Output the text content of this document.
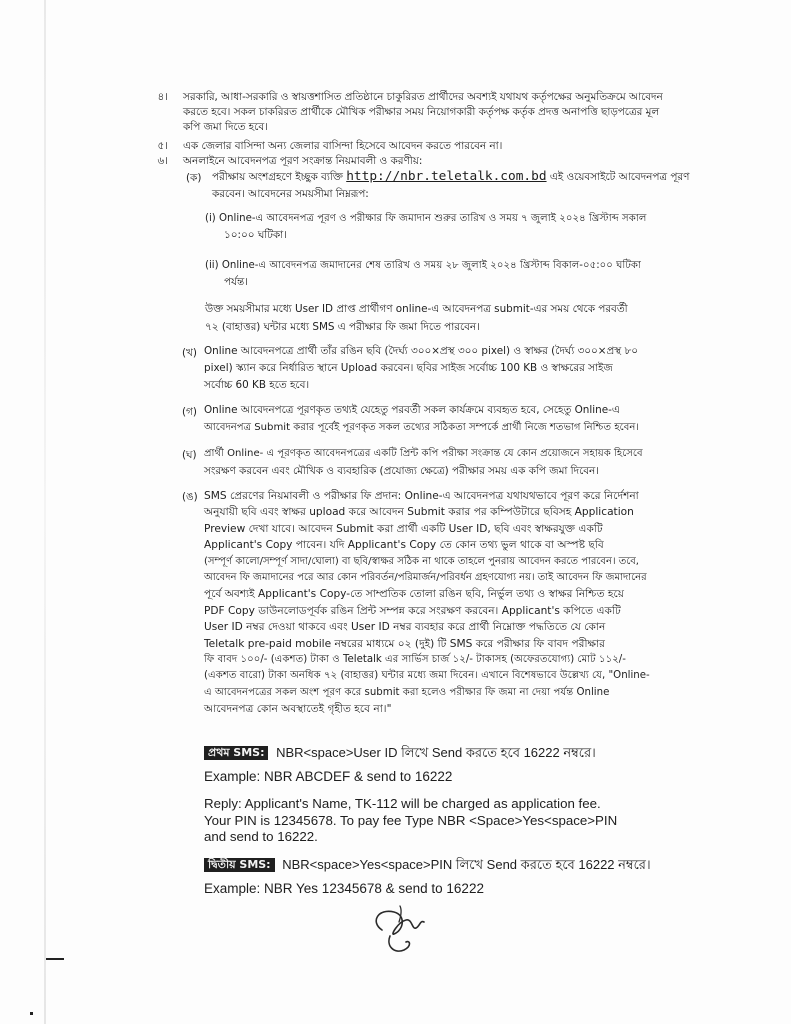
৪। সরকারি, আধা-সরকারি ও স্বায়ত্তশাসিত প্রতিষ্ঠানে চাকুরিরত প্রার্থীদের অবশ্যই যথাযথ কর্তৃপক্ষের অনুমতিক্রমে আবেদন
করতে হবে। সকল চাকরিরত প্রার্থীকে মৌখিক পরীক্ষার সময় নিয়োগকারী কর্তৃপক্ষ কর্তৃক প্রদত্ত অনাপত্তি ছাড়পত্রের মূল
কপি জমা দিতে হবে।
৫। এক জেলার বাসিন্দা অন্য জেলার বাসিন্দা হিসেবে আবেদন করতে পারবেন না।
৬। অনলাইনে আবেদনপত্র পূরণ সংক্রান্ত নিয়মাবলী ও করণীয়:
(ক) পরীক্ষায় অংশগ্রহণে ইচ্ছুক ব্যক্তি http://nbr.teletalk.com.bd এই ওয়েবসাইটে আবেদনপত্র পূরণ
করবেন। আবেদনের সময়সীমা নিম্নরূপ:
(i) Online-এ আবেদনপত্র পূরণ ও পরীক্ষার ফি জমাদান শুরুর তারিখ ও সময় ৭ জুলাই ২০২৪ খ্রিস্টাব্দ সকাল
১০:০০ ঘটিকা।
(ii) Online-এ আবেদনপত্র জমাদানের শেষ তারিখ ও সময় ২৮ জুলাই ২০২৪ খ্রিস্টাব্দ বিকাল-০৫:০০ ঘটিকা
পর্যন্ত।
উক্ত সময়সীমার মধ্যে User ID প্রাপ্ত প্রার্থীগণ online-এ আবেদনপত্র submit-এর সময় থেকে পরবর্তী
৭২ (বাহাত্তর) ঘন্টার মধ্যে SMS এ পরীক্ষার ফি জমা দিতে পারবেন।
(খ) Online আবেদনপত্রে প্রার্থী তাঁর রঙিন ছবি (দৈর্ঘ্য ৩০০×প্রস্থ ৩০০ pixel) ও স্বাক্ষর (দৈর্ঘ্য ৩০০×প্রস্থ ৮০
pixel) স্ক্যান করে নির্ধারিত স্থানে Upload করবেন। ছবির সাইজ সর্বোচ্চ 100 KB ও স্বাক্ষরের সাইজ
সর্বোচ্চ 60 KB হতে হবে।
(গ) Online আবেদনপত্রে পূরণকৃত তথ্যই যেহেতু পরবর্তী সকল কার্যক্রমে ব্যবহৃত হবে, সেহেতু Online-এ
আবেদনপত্র Submit করার পূর্বেই পূরণকৃত সকল তথ্যের সঠিকতা সম্পর্কে প্রার্থী নিজে শতভাগ নিশ্চিত হবেন।
(ঘ) প্রার্থী Online- এ পূরণকৃত আবেদনপত্রের একটি প্রিন্ট কপি পরীক্ষা সংক্রান্ত যে কোন প্রয়োজনে সহায়ক হিসেবে
সংরক্ষণ করবেন এবং মৌখিক ও ব্যবহারিক (প্রযোজ্য ক্ষেত্রে) পরীক্ষার সময় এক কপি জমা দিবেন।
(ঙ) SMS প্রেরণের নিয়মাবলী ও পরীক্ষার ফি প্রদান: Online-এ আবেদনপত্র যথাযথভাবে পূরণ করে নির্দেশনা
অনুযায়ী ছবি এবং স্বাক্ষর upload করে আবেদন Submit করার পর কম্পিউটারে ছবিসহ Application
Preview দেখা যাবে। আবেদন Submit করা প্রার্থী একটি User ID, ছবি এবং স্বাক্ষরযুক্ত একটি
Applicant's Copy পাবেন। যদি Applicant's Copy তে কোন তথ্য ভুল থাকে বা অস্পষ্ট ছবি
(সম্পূর্ণ কালো/সম্পূর্ণ সাদা/ঘোলা) বা ছবি/স্বাক্ষর সঠিক না থাকে তাহলে পুনরায় আবেদন করতে পারবেন। তবে,
আবেদন ফি জমাদানের পরে আর কোন পরিবর্তন/পরিমার্জন/পরিবর্ধন গ্রহণযোগ্য নয়। তাই আবেদন ফি জমাদানের
পূর্বে অবশ্যই Applicant's Copy-তে সাম্প্রতিক তোলা রঙিন ছবি, নির্ভুল তথ্য ও স্বাক্ষর নিশ্চিত হয়ে
PDF Copy ডাউনলোডপূর্বক রঙিন প্রিন্ট সম্পন্ন করে সংরক্ষণ করবেন। Applicant's কপিতে একটি
User ID নম্বর দেওয়া থাকবে এবং User ID নম্বর ব্যবহার করে প্রার্থী নিম্নোক্ত পদ্ধতিতে যে কোন
Teletalk pre-paid mobile নম্বরের মাধ্যমে ০২ (দুই) টি SMS করে পরীক্ষার ফি বাবদ পরীক্ষার
ফি বাবদ ১০০/- (একশত) টাকা ও Teletalk এর সার্ভিস চার্জ ১২/- টাকাসহ (অফেরতযোগ্য) মোট ১১২/-
(একশত বারো) টাকা অনধিক ৭২ (বাহাত্তর) ঘন্টার মধ্যে জমা দিবেন। এখানে বিশেষভাবে উল্লেখ্য যে, "Online-
এ আবেদনপত্রের সকল অংশ পূরণ করে submit করা হলেও পরীক্ষার ফি জমা না দেয়া পর্যন্ত Online
আবেদনপত্র কোন অবস্থাতেই গৃহীত হবে না।"
প্রথম SMS: NBR<space>User ID লিখে Send করতে হবে 16222 নম্বরে।
Example: NBR ABCDEF & send to 16222
Reply: Applicant's Name, TK-112 will be charged as application fee.
Your PIN is 12345678. To pay fee Type NBR <Space>Yes<space>PIN
and send to 16222.
দ্বিতীয় SMS: NBR<space>Yes<space>PIN লিখে Send করতে হবে 16222 নম্বরে।
Example: NBR Yes 12345678 & send to 16222
